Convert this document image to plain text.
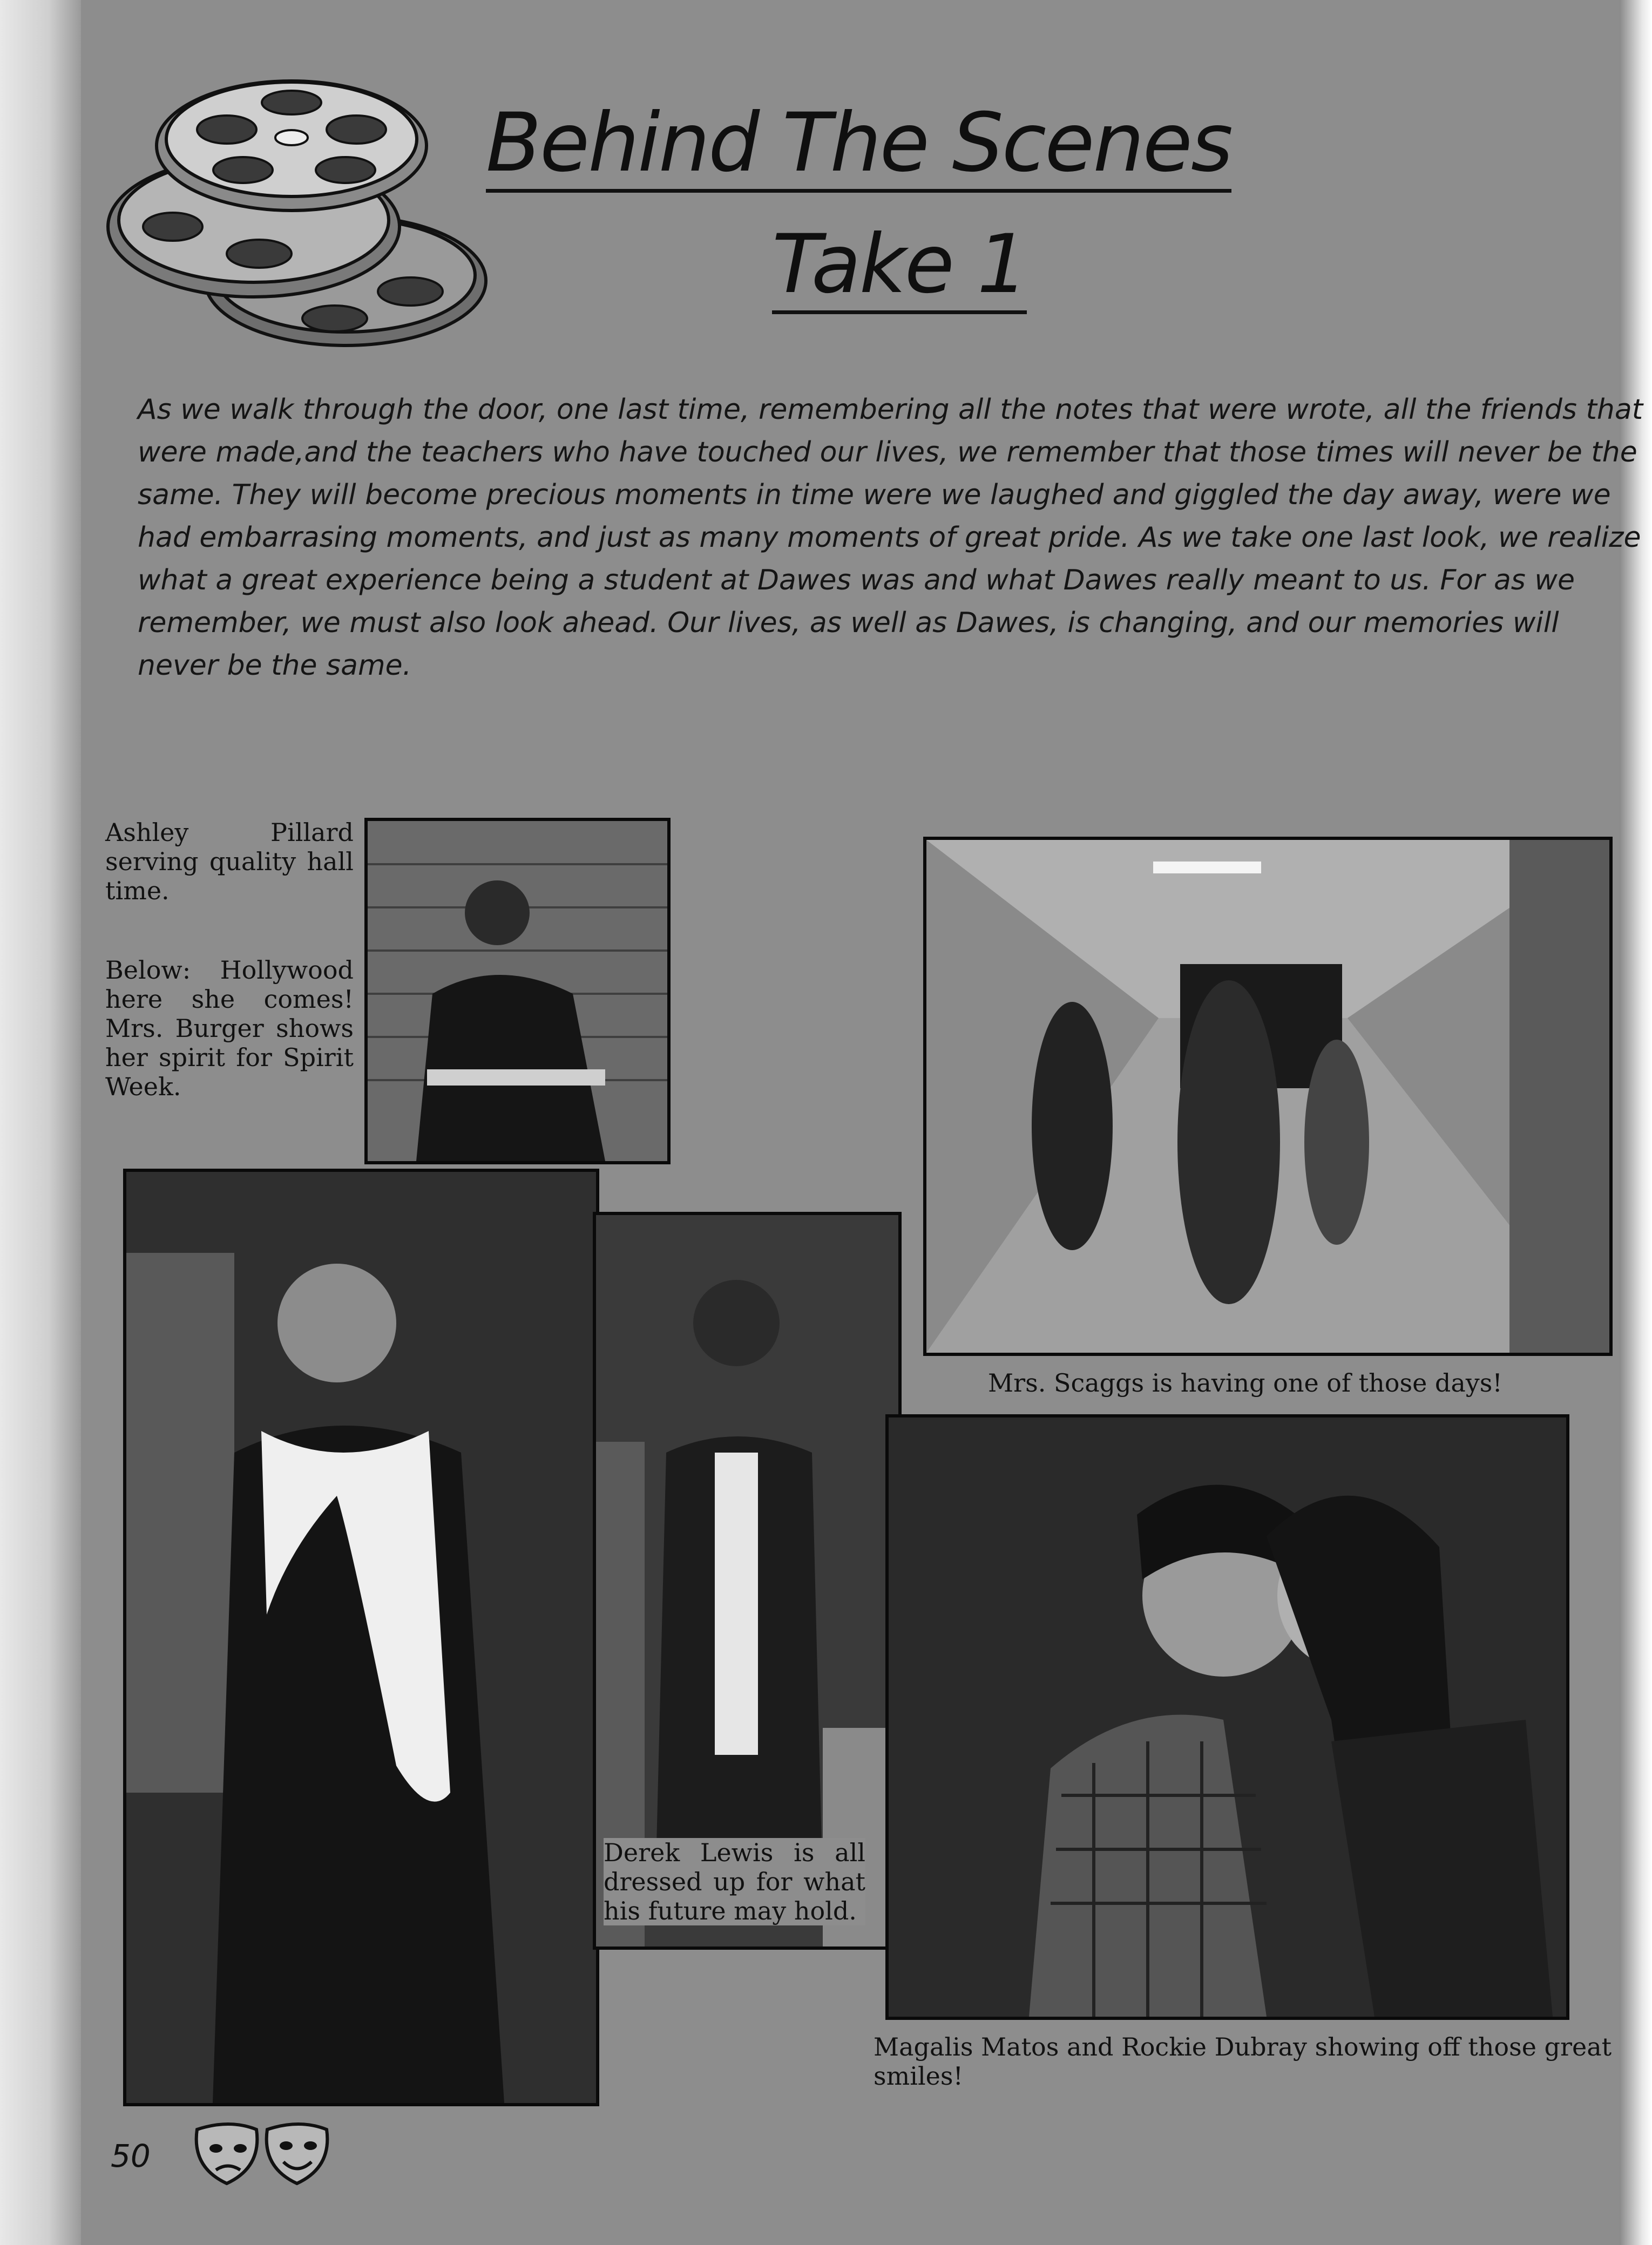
Behind The Scenes
Take 1
As we walk through the door, one last time, remembering all the notes that were wrote, all the friends that were made,and the teachers who have touched our lives, we remember that those times will never be the same. They will become precious moments in time were we laughed and giggled the day away, were we had embarrasing moments, and just as many moments of great pride. As we take one last look, we realize what a great experience being a student at Dawes was and what Dawes really meant to us. For as we remember, we must also look ahead. Our lives, as well as Dawes, is changing, and our memories will never be the same.
Ashley Pillard serving quality hall time.
Below: Hollywood here she comes! Mrs. Burger shows her spirit for Spirit Week.
Mrs. Scaggs is having one of those days!
Derek Lewis is all dressed up for what his future may hold.
Magalis Matos and Rockie Dubray showing off those great smiles!
50
